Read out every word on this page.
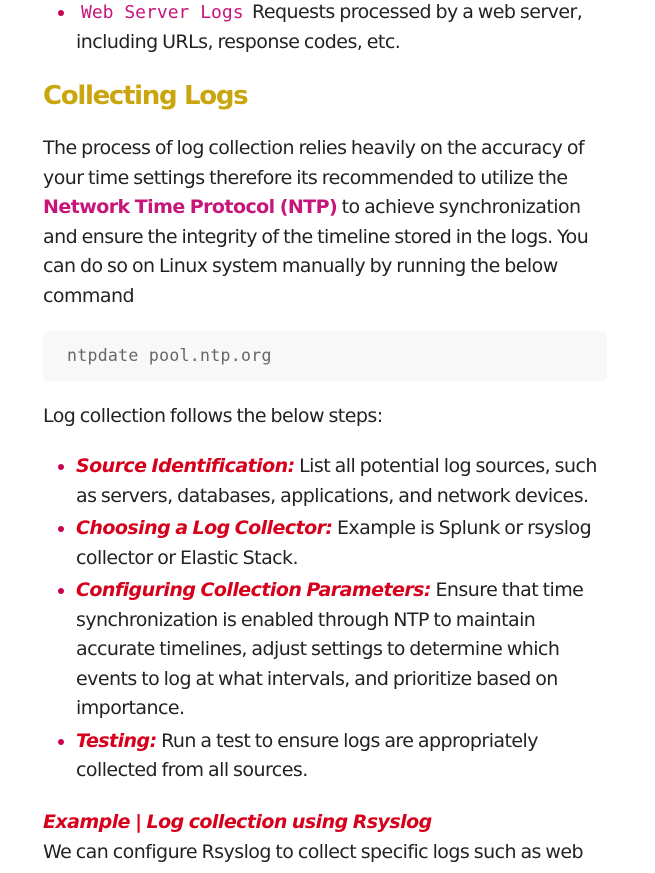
Web Server Logs Requests processed by a web server, including URLs, response codes, etc.
Collecting Logs

The process of log collection relies heavily on the accuracy of your time settings therefore its recommended to utilize the Network Time Protocol (NTP) to achieve synchronization and ensure the integrity of the timeline stored in the logs. You can do so on Linux system manually by running the below command

ntpdate pool.ntp.org

Log collection follows the below steps:

Source Identification: List all potential log sources, such as servers, databases, applications, and network devices.
Choosing a Log Collector: Example is Splunk or rsyslog collector or Elastic Stack.
Configuring Collection Parameters: Ensure that time synchronization is enabled through NTP to maintain accurate timelines, adjust settings to determine which events to log at what intervals, and prioritize based on importance.
Testing: Run a test to ensure logs are appropriately collected from all sources.
Example | Log collection using Rsyslog

We can configure Rsyslog to collect specific logs such as web
